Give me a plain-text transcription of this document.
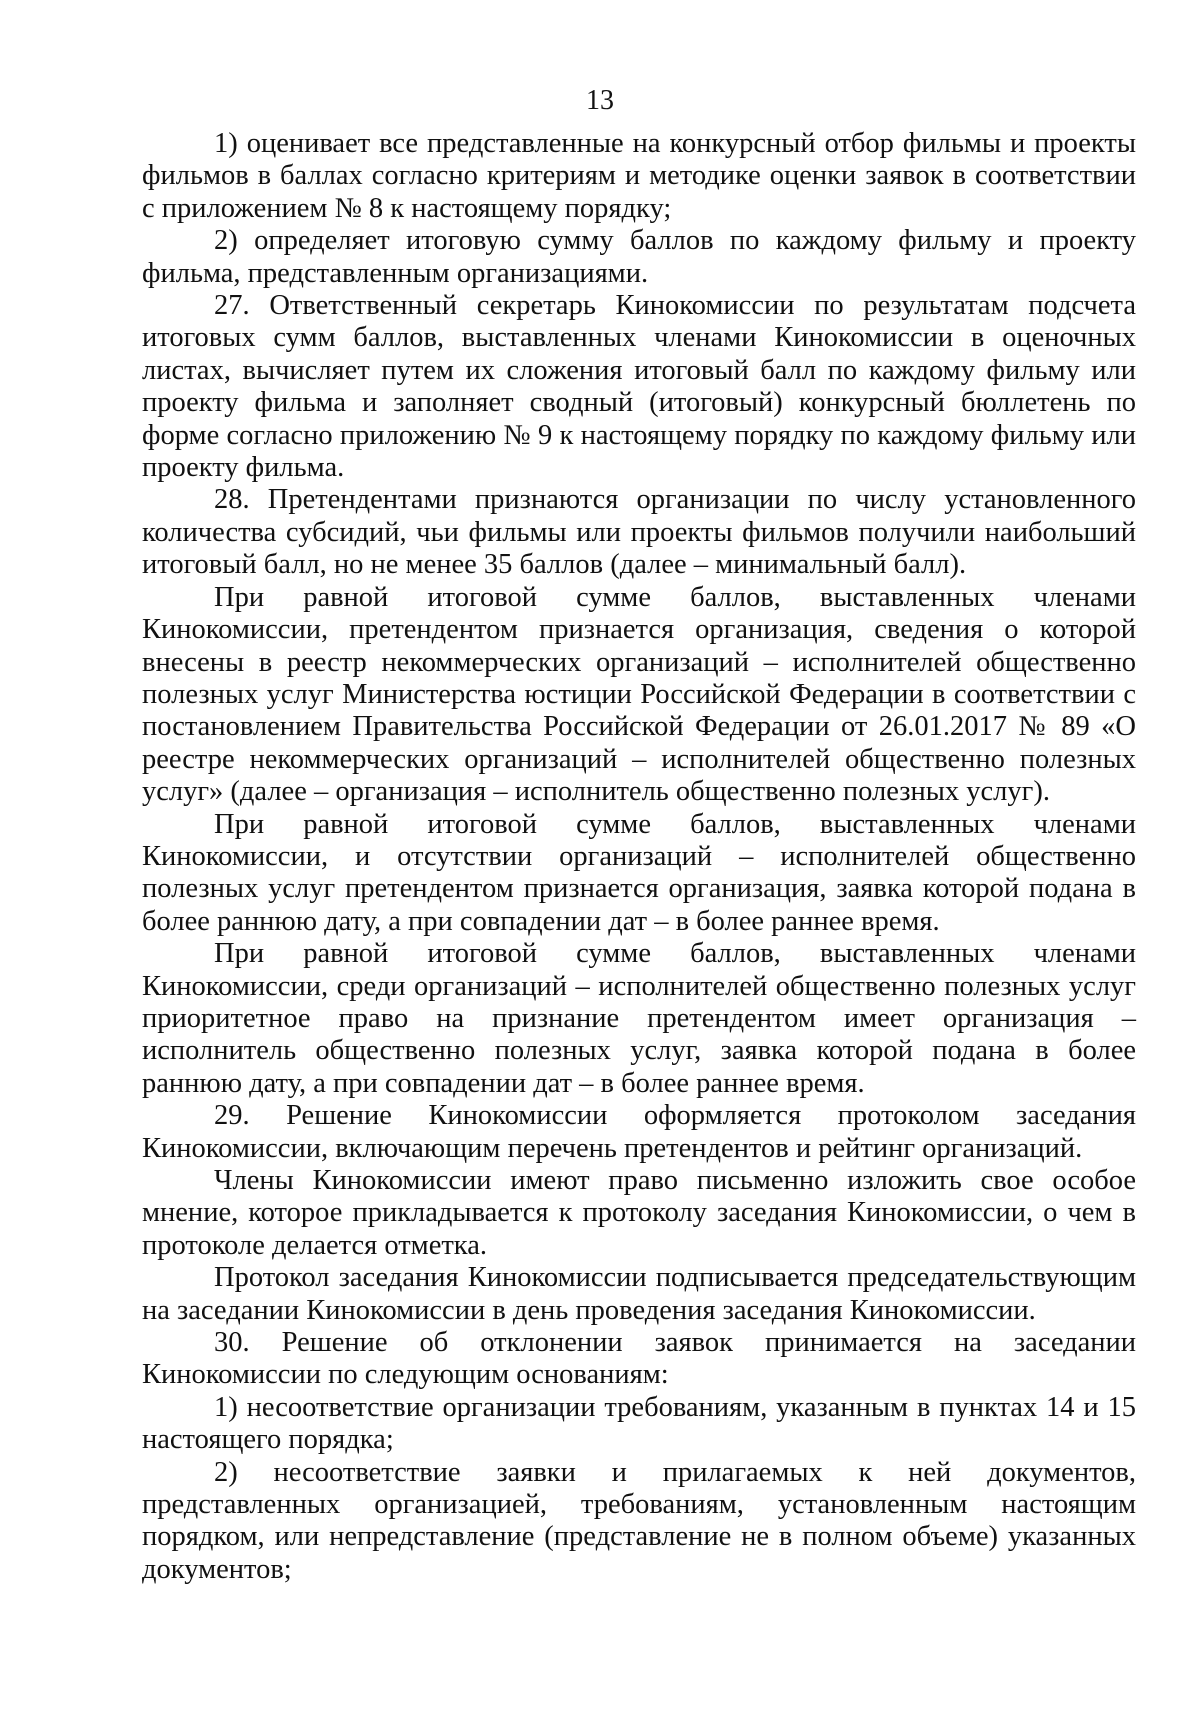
13

1) оценивает все представленные на конкурсный отбор фильмы и проекты фильмов в баллах согласно критериям и методике оценки заявок в соответствии с приложением № 8 к настоящему порядку;

2) определяет итоговую сумму баллов по каждому фильму и проекту фильма, представленным организациями.

27. Ответственный секретарь Кинокомиссии по результатам подсчета итоговых сумм баллов, выставленных членами Кинокомиссии в оценочных листах, вычисляет путем их сложения итоговый балл по каждому фильму или проекту фильма и заполняет сводный (итоговый) конкурсный бюллетень по форме согласно приложению № 9 к настоящему порядку по каждому фильму или проекту фильма.

28. Претендентами признаются организации по числу установленного количества субсидий, чьи фильмы или проекты фильмов получили наибольший итоговый балл, но не менее 35 баллов (далее – минимальный балл).

При равной итоговой сумме баллов, выставленных членами Кинокомиссии, претендентом признается организация, сведения о которой внесены в реестр некоммерческих организаций – исполнителей общественно полезных услуг Министерства юстиции Российской Федерации в соответствии с постановлением Правительства Российской Федерации от 26.01.2017 № 89 «О реестре некоммерческих организаций – исполнителей общественно полезных услуг» (далее – организация – исполнитель общественно полезных услуг).

При равной итоговой сумме баллов, выставленных членами Кинокомиссии, и отсутствии организаций – исполнителей общественно полезных услуг претендентом признается организация, заявка которой подана в более раннюю дату, а при совпадении дат – в более раннее время.

При равной итоговой сумме баллов, выставленных членами Кинокомиссии, среди организаций – исполнителей общественно полезных услуг приоритетное право на признание претендентом имеет организация – исполнитель общественно полезных услуг, заявка которой подана в более раннюю дату, а при совпадении дат – в более раннее время.

29. Решение Кинокомиссии оформляется протоколом заседания Кинокомиссии, включающим перечень претендентов и рейтинг организаций.

Члены Кинокомиссии имеют право письменно изложить свое особое мнение, которое прикладывается к протоколу заседания Кинокомиссии, о чем в протоколе делается отметка.

Протокол заседания Кинокомиссии подписывается председательствующим на заседании Кинокомиссии в день проведения заседания Кинокомиссии.

30. Решение об отклонении заявок принимается на заседании Кинокомиссии по следующим основаниям:

1) несоответствие организации требованиям, указанным в пунктах 14 и 15 настоящего порядка;

2) несоответствие заявки и прилагаемых к ней документов, представленных организацией, требованиям, установленным настоящим порядком, или непредставление (представление не в полном объеме) указанных документов;
